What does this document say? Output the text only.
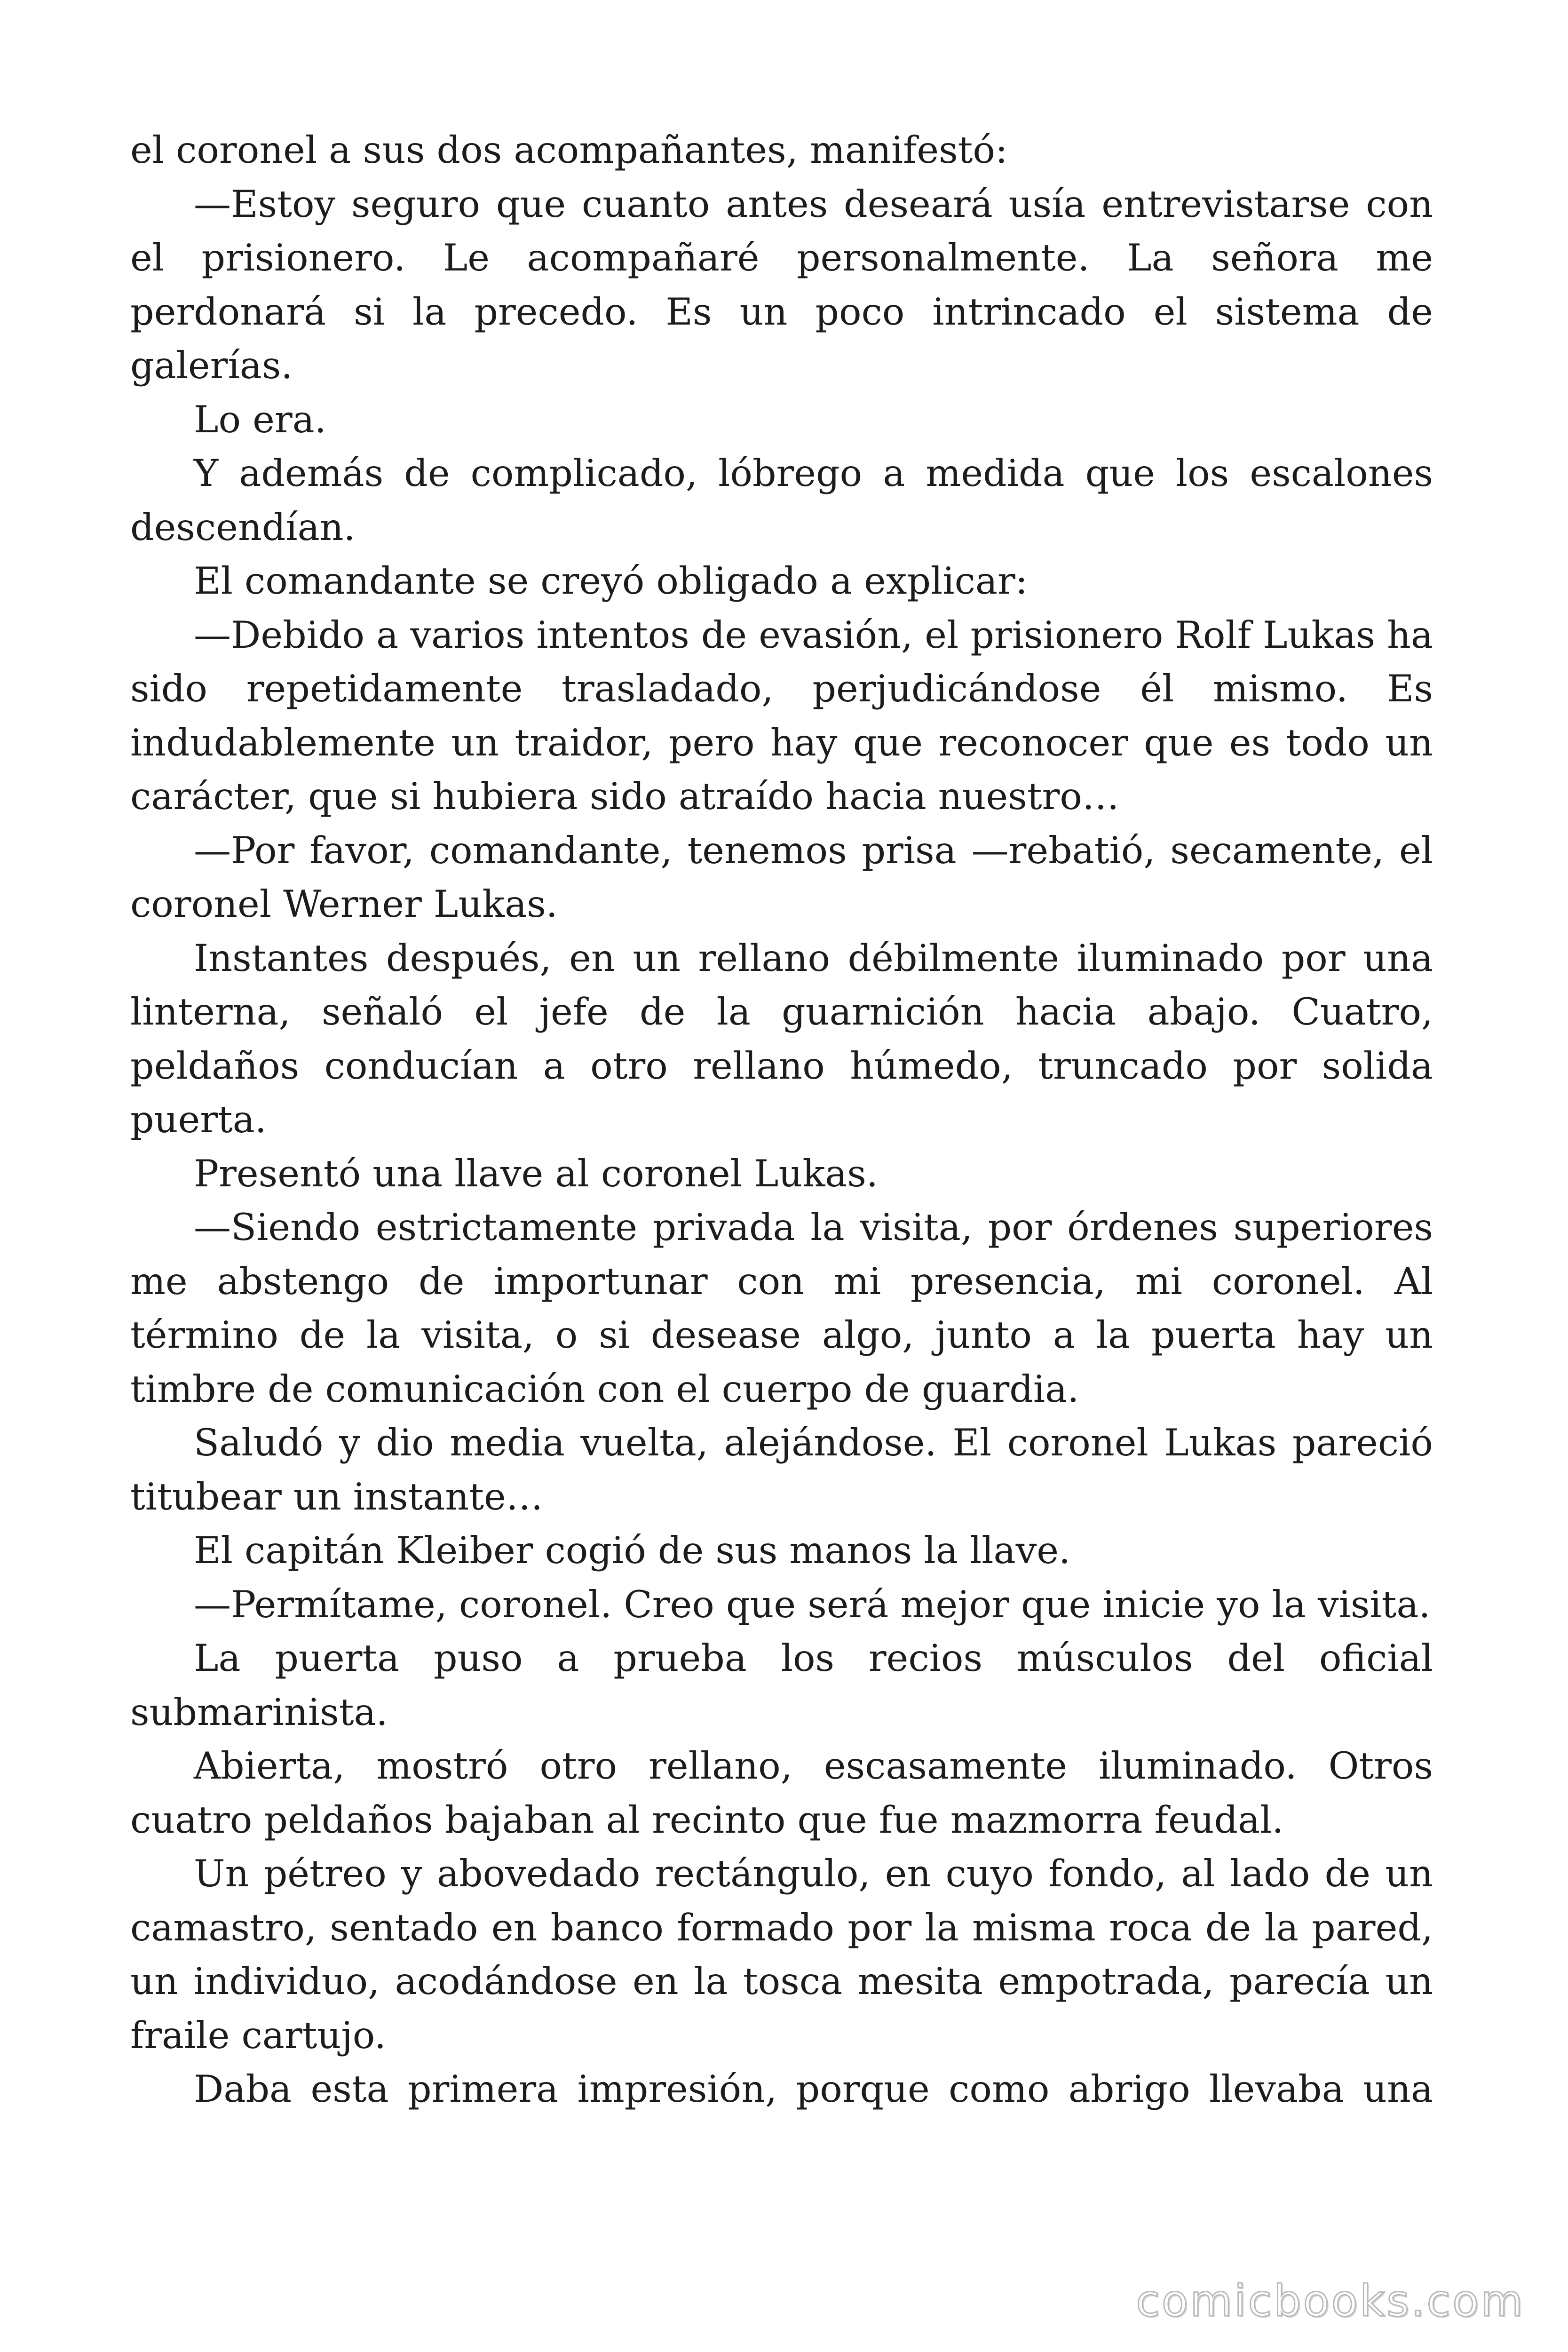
el coronel a sus dos acompañantes, manifestó:

—Estoy seguro que cuanto antes deseará usía entrevistarse con el prisionero. Le acompañaré personalmente. La señora me perdonará si la precedo. Es un poco intrincado el sistema de galerías.

Lo era.

Y además de complicado, lóbrego a medida que los escalones descendían.

El comandante se creyó obligado a explicar:

—Debido a varios intentos de evasión, el prisionero Rolf Lukas ha sido repetidamente trasladado, perjudicándose él mismo. Es indudablemente un traidor, pero hay que reconocer que es todo un carácter, que si hubiera sido atraído hacia nuestro…

—Por favor, comandante, tenemos prisa —rebatió, secamente, el coronel Werner Lukas.

Instantes después, en un rellano débilmente iluminado por una linterna, señaló el jefe de la guarnición hacia abajo. Cuatro, peldaños conducían a otro rellano húmedo, truncado por solida puerta.

Presentó una llave al coronel Lukas.

—Siendo estrictamente privada la visita, por órdenes superiores me abstengo de importunar con mi presencia, mi coronel. Al término de la visita, o si desease algo, junto a la puerta hay un timbre de comunicación con el cuerpo de guardia.

Saludó y dio media vuelta, alejándose. El coronel Lukas pareció titubear un instante…

El capitán Kleiber cogió de sus manos la llave.

—Permítame, coronel. Creo que será mejor que inicie yo la visita.

La puerta puso a prueba los recios músculos del oficial submarinista.

Abierta, mostró otro rellano, escasamente iluminado. Otros cuatro peldaños bajaban al recinto que fue mazmorra feudal.

Un pétreo y abovedado rectángulo, en cuyo fondo, al lado de un camastro, sentado en banco formado por la misma roca de la pared, un individuo, acodándose en la tosca mesita empotrada, parecía un fraile cartujo.

Daba esta primera impresión, porque como abrigo llevaba una

comicbooks.com
